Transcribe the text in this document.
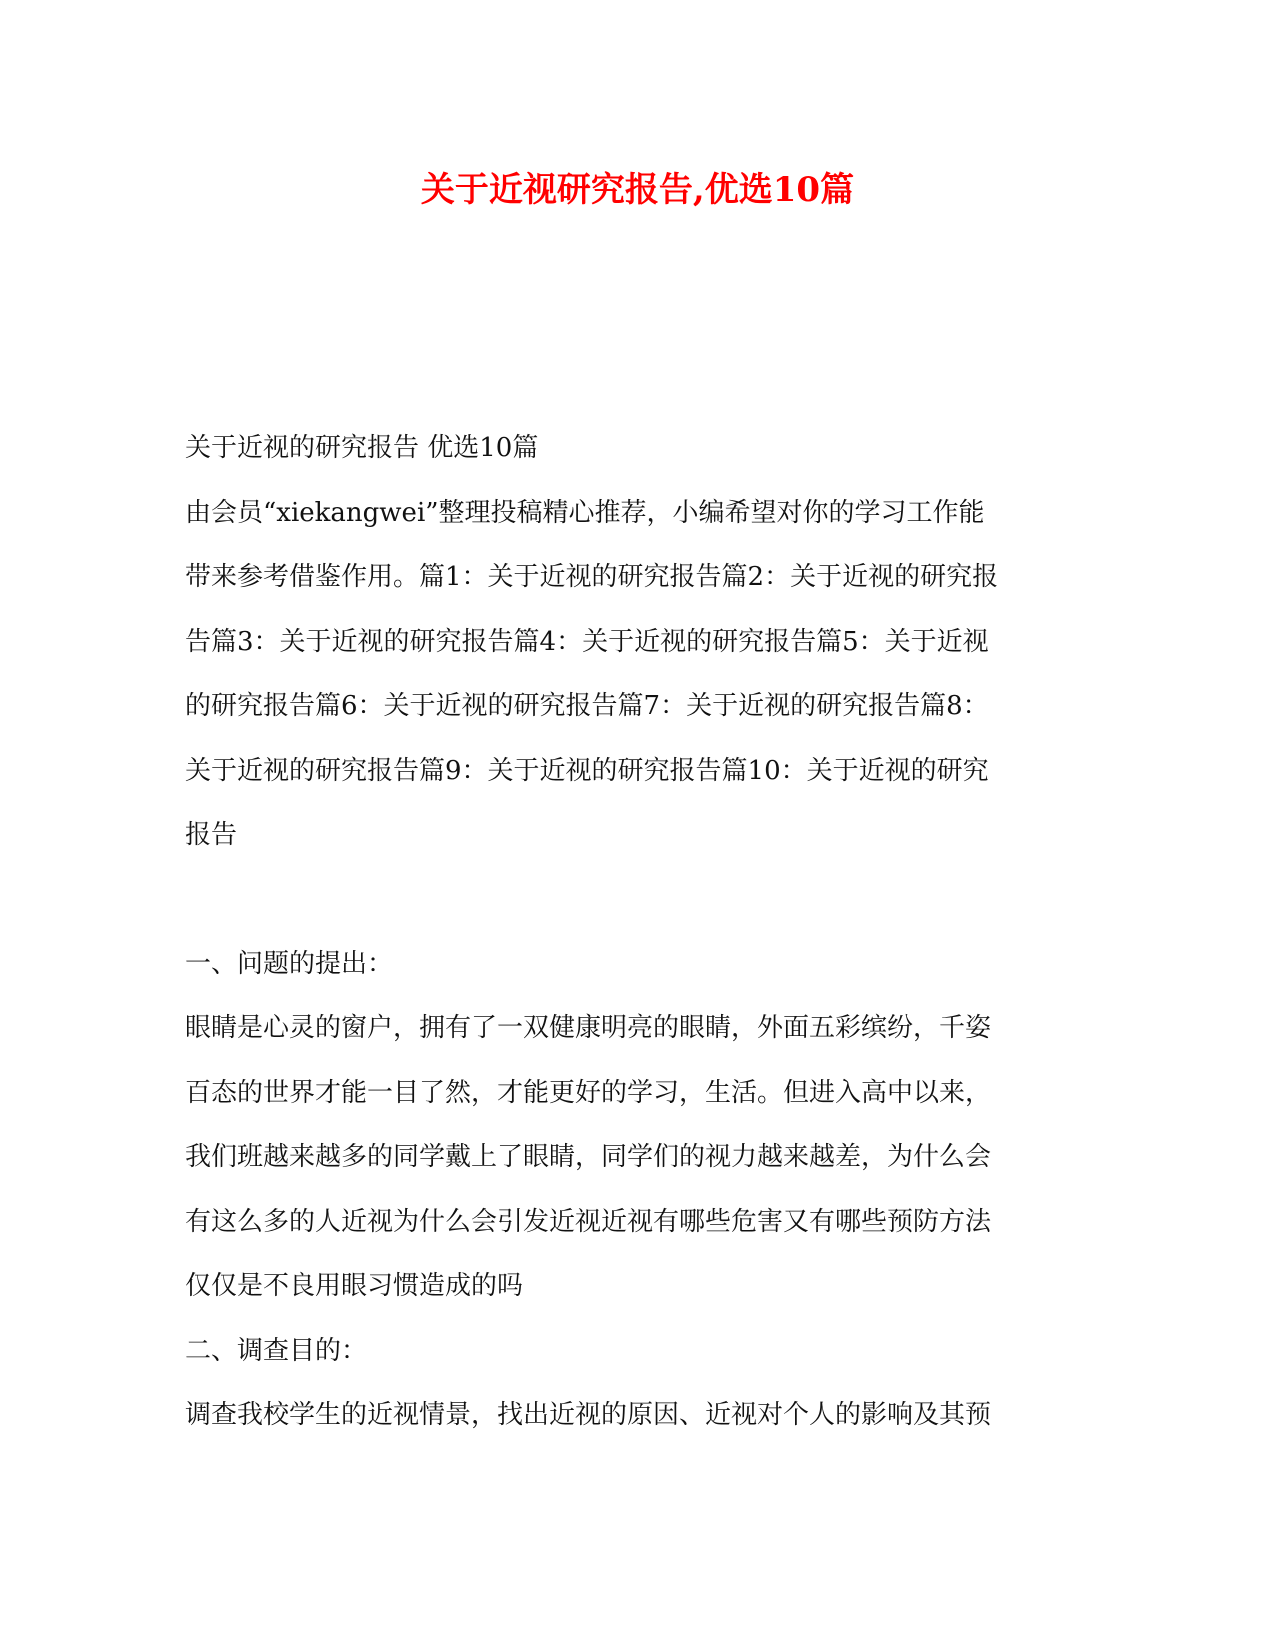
关于近视研究报告,优选10篇

关于近视的研究报告 优选10篇

由会员“xiekangwei”整理投稿精心推荐，小编希望对你的学习工作能

带来参考借鉴作用。篇1：关于近视的研究报告篇2：关于近视的研究报

告篇3：关于近视的研究报告篇4：关于近视的研究报告篇5：关于近视

的研究报告篇6：关于近视的研究报告篇7：关于近视的研究报告篇8：

关于近视的研究报告篇9：关于近视的研究报告篇10：关于近视的研究

报告

一、问题的提出：

眼睛是心灵的窗户，拥有了一双健康明亮的眼睛，外面五彩缤纷，千姿

百态的世界才能一目了然，才能更好的学习，生活。但进入高中以来，

我们班越来越多的同学戴上了眼睛，同学们的视力越来越差，为什么会

有这么多的人近视为什么会引发近视近视有哪些危害又有哪些预防方法

仅仅是不良用眼习惯造成的吗

二、调查目的：

调查我校学生的近视情景，找出近视的原因、近视对个人的影响及其预
